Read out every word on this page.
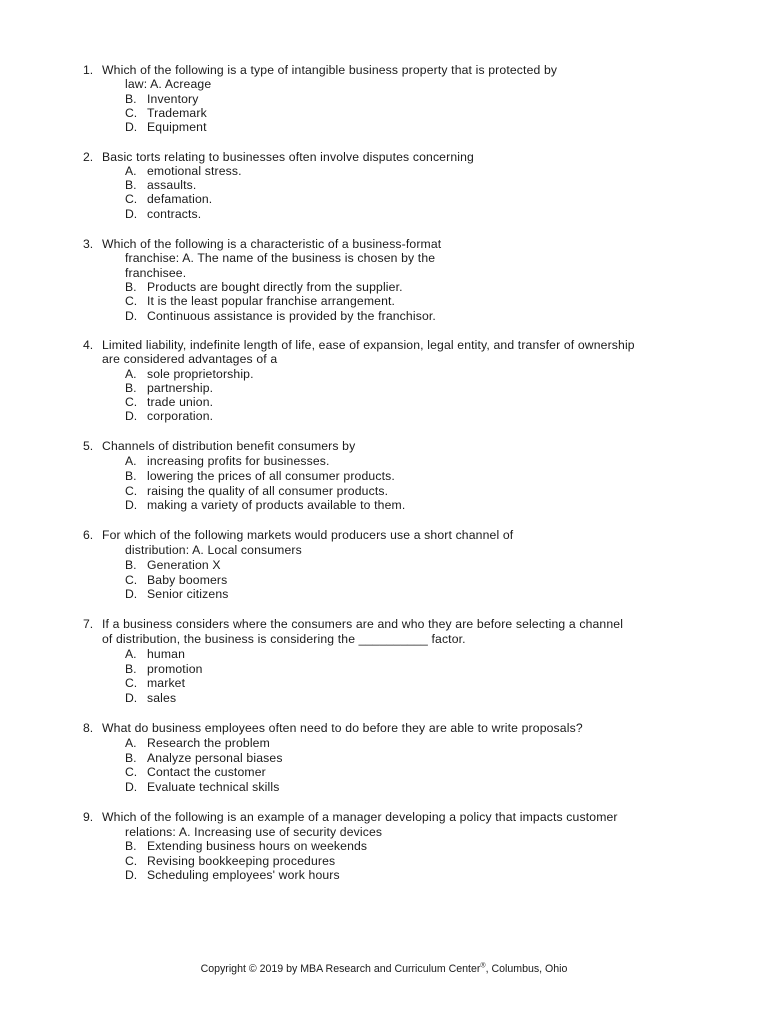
1. Which of the following is a type of intangible business property that is protected by
law: A. Acreage
B. Inventory
C. Trademark
D. Equipment
2. Basic torts relating to businesses often involve disputes concerning
A. emotional stress.
B. assaults.
C. defamation.
D. contracts.
3. Which of the following is a characteristic of a business-format
franchise: A. The name of the business is chosen by the
franchisee.
B. Products are bought directly from the supplier.
C. It is the least popular franchise arrangement.
D. Continuous assistance is provided by the franchisor.
4. Limited liability, indefinite length of life, ease of expansion, legal entity, and transfer of ownership
are considered advantages of a
A. sole proprietorship.
B. partnership.
C. trade union.
D. corporation.
5. Channels of distribution benefit consumers by
A. increasing profits for businesses.
B. lowering the prices of all consumer products.
C. raising the quality of all consumer products.
D. making a variety of products available to them.
6. For which of the following markets would producers use a short channel of
distribution: A. Local consumers
B. Generation X
C. Baby boomers
D. Senior citizens
7. If a business considers where the consumers are and who they are before selecting a channel
of distribution, the business is considering the __________ factor.
A. human
B. promotion
C. market
D. sales
8. What do business employees often need to do before they are able to write proposals?
A. Research the problem
B. Analyze personal biases
C. Contact the customer
D. Evaluate technical skills
9. Which of the following is an example of a manager developing a policy that impacts customer
relations: A. Increasing use of security devices
B. Extending business hours on weekends
C. Revising bookkeeping procedures
D. Scheduling employees' work hours
Copyright © 2019 by MBA Research and Curriculum Center®, Columbus, Ohio
